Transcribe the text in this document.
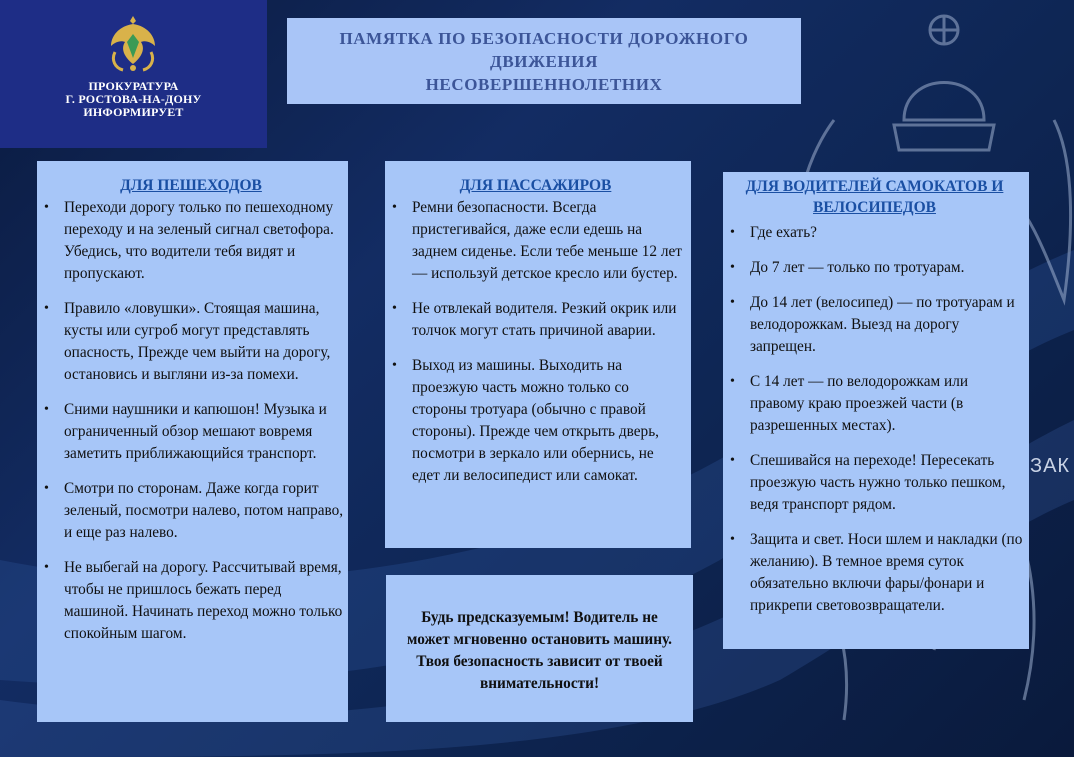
ЗАК
ПРОКУРАТУРА
Г. РОСТОВА-НА-ДОНУ
ИНФОРМИРУЕТ
ПАМЯТКА ПО БЕЗОПАСНОСТИ ДОРОЖНОГО
ДВИЖЕНИЯ
НЕСОВЕРШЕННОЛЕТНИХ
ДЛЯ ПЕШЕХОДОВ
• Переходи дорогу только по пешеходному переходу и на зеленый сигнал светофора. Убедись, что водители тебя видят и пропускают.
• Правило «ловушки». Стоящая машина, кусты или сугроб могут представлять опасность, Прежде чем выйти на дорогу, остановись и выгляни из-за помехи.
• Сними наушники и капюшон! Музыка и ограниченный обзор мешают вовремя заметить приближающийся транспорт.
• Смотри по сторонам. Даже когда горит зеленый, посмотри налево, потом направо, и еще раз налево.
• Не выбегай на дорогу. Рассчитывай время, чтобы не пришлось бежать перед машиной. Начинать переход можно только спокойным шагом.
ДЛЯ ПАССАЖИРОВ
• Ремни безопасности. Всегда пристегивайся, даже если едешь на заднем сиденье. Если тебе меньше 12 лет — используй детское кресло или бустер.
• Не отвлекай водителя. Резкий окрик или толчок могут стать причиной аварии.
• Выход из машины. Выходить на проезжую часть можно только со стороны тротуара (обычно с правой стороны). Прежде чем открыть дверь, посмотри в зеркало или обернись, не едет ли велосипедист или самокат.
Будь предсказуемым! Водитель не может мгновенно остановить машину. Твоя безопасность зависит от твоей внимательности!
ДЛЯ ВОДИТЕЛЕЙ САМОКАТОВ И ВЕЛОСИПЕДОВ
• Где ехать?
• До 7 лет — только по тротуарам.
• До 14 лет (велосипед) — по тротуарам и велодорожкам. Выезд на дорогу запрещен.
• С 14 лет — по велодорожкам или правому краю проезжей части (в разрешенных местах).
• Спешивайся на переходе! Пересекать проезжую часть нужно только пешком, ведя транспорт рядом.
• Защита и свет. Носи шлем и накладки (по желанию). В темное время суток обязательно включи фары/фонари и прикрепи световозвращатели.
